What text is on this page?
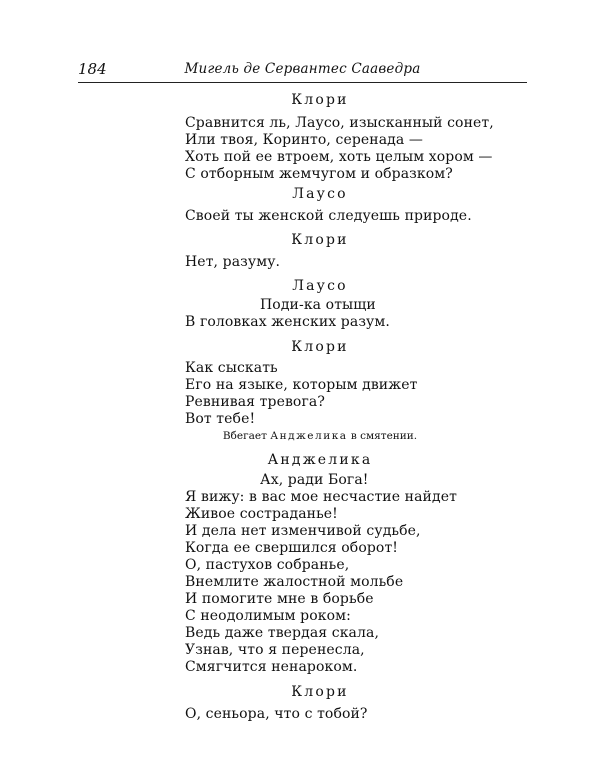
184	Мигель де Сервантес Сааведра
Клори
Сравнится ль, Лаусо, изысканный сонет,
Или твоя, Коринто, серенада —
Хоть пой ее втроем, хоть целым хором —
С отборным жемчугом и образком?
Лаусо
Своей ты женской следуешь природе.
Клори
Нет, разуму.
Лаусо
Поди-ка отыщи
В головках женских разум.
Клори
Как сыскать
Его на языке, которым движет
Ревнивая тревога?
Вот тебе!
Вбегает Анджелика в смятении.
Анджелика
Ах, ради Бога!
Я вижу: в вас мое несчастие найдет
Живое состраданье!
И дела нет изменчивой судьбе,
Когда ее свершился оборот!
О, пастухов собранье,
Внемлите жалостной мольбе
И помогите мне в борьбе
С неодолимым роком:
Ведь даже твердая скала,
Узнав, что я перенесла,
Смягчится ненароком.
Клори
О, сеньора, что с тобой?
